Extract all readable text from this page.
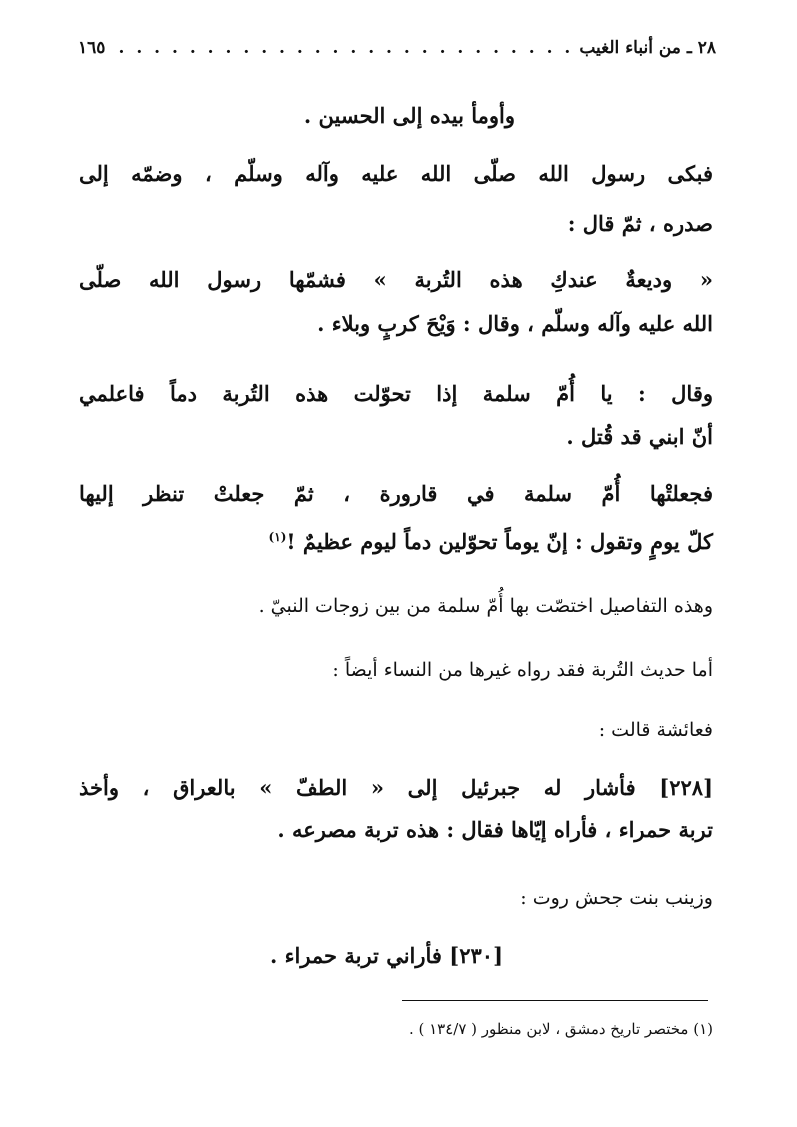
٢٨ ـ من أنباء الغيب
. . .
١٦٥
وأومأ بيده إلى الحسين .
فبكى رسول الله صلّى الله عليه وآله وسلّم ، وضمّه إلى
صدره ، ثمّ قال :
« وديعةٌ عندكِ هذه التُربة » فشمّها رسول الله صلّى
الله عليه وآله وسلّم ، وقال : وَيْحَ كربٍ وبلاء .
وقال : يا أُمّ سلمة إذا تحوّلت هذه التُربة دماً فاعلمي
أنّ ابني قد قُتل .
فجعلتْها أُمّ سلمة في قارورة ، ثمّ جعلتْ تنظر إليها
كلّ يومٍ وتقول : إنّ يوماً تحوّلين دماً ليوم عظيمٌ !$^{(١)}$
وهذه التفاصيل اختصّت بها أُمّ سلمة من بين زوجات النبيّ .
أما حديث التُربة فقد رواه غيرها من النساء أيضاً :
فعائشة قالت :
[٢٢٨] فأشار له جبرئيل إلى « الطفّ » بالعراق ، وأخذ
تربة حمراء ، فأراه إيّاها فقال : هذه تربة مصرعه .
وزينب بنت جحش روت :
[٢٣٠] فأراني تربة حمراء .
(١) مختصر تاريخ دمشق ، لابن منظور ( ١٣٤/٧ ) .
